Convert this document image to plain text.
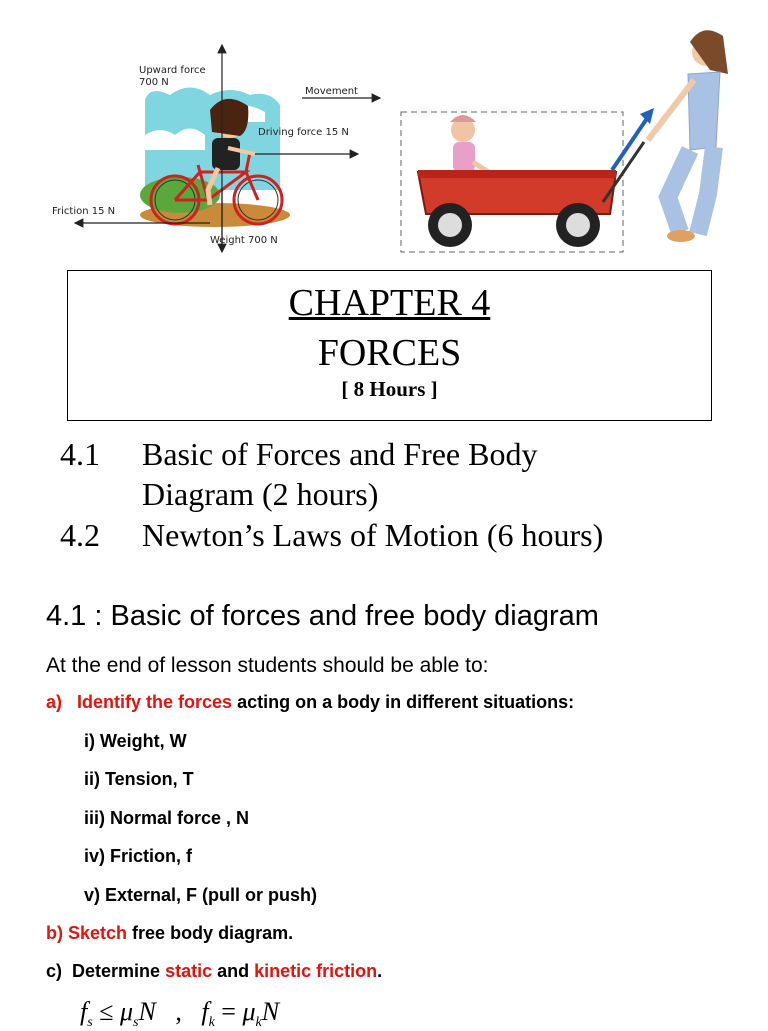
Upward force
700 N
Movement
Driving force 15 N
Friction 15 N
Weight 700 N
CHAPTER 4
FORCES
[ 8 Hours ]
4.1 Basic of Forces and Free Body
Diagram (2 hours)
4.2 Newton’s Laws of Motion (6 hours)
4.1 : Basic of forces and free body diagram
At the end of lesson students should be able to:
a) Identify the forces acting on a body in different situations:
i) Weight, W
ii) Tension, T
iii) Normal force , N
iv) Friction, f
v) External, F (pull or push)
b) Sketch free body diagram.
c) Determine static and kinetic friction.
$f_s \le \mu_sN$ , $f_k = \mu_kN$
